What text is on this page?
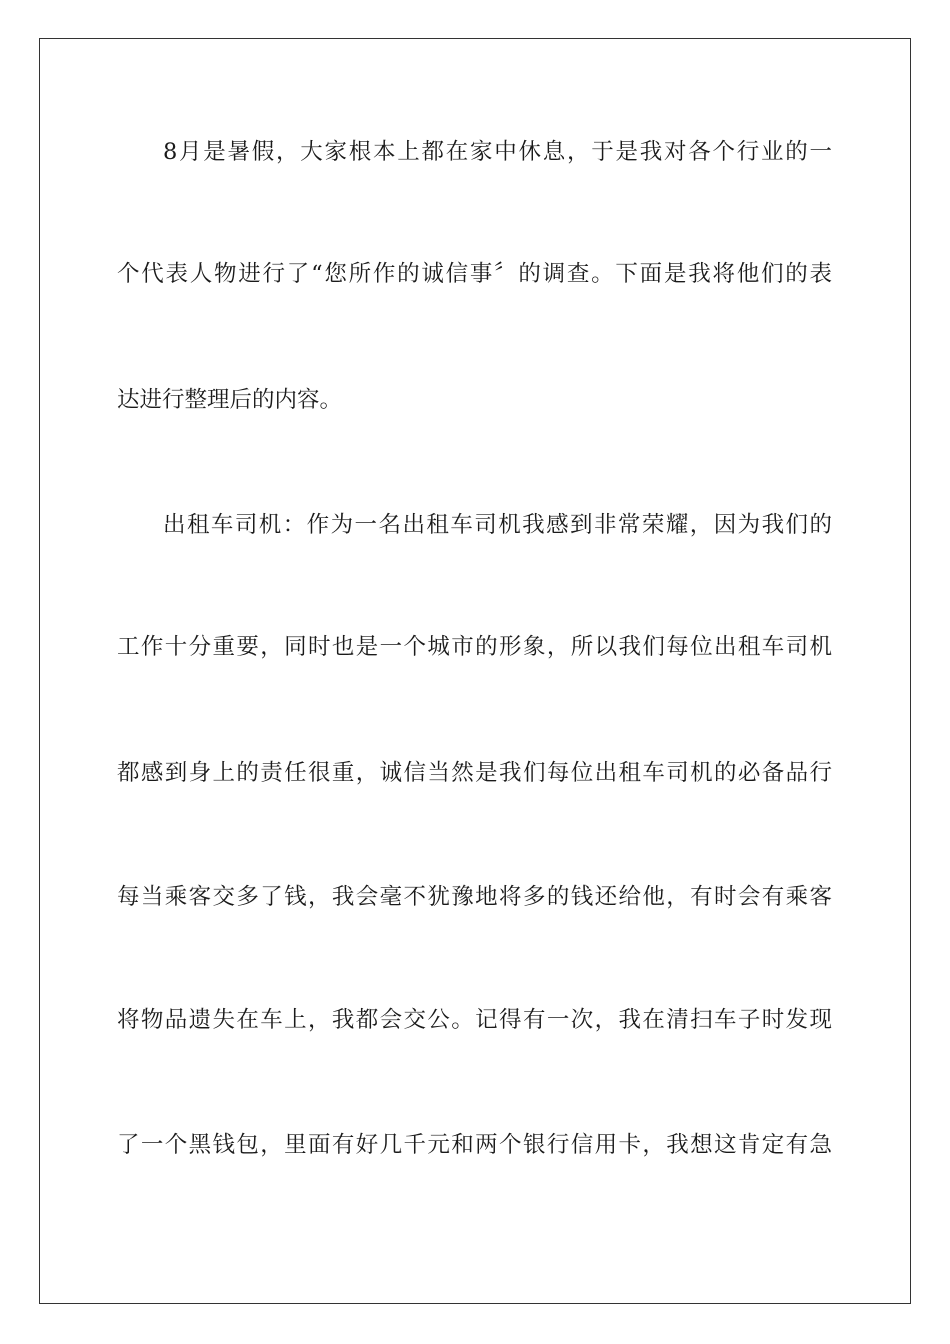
8月是暑假，大家根本上都在家中休息，于是我对各个行业的一
个代表人物进行了“您所作的诚信事〞的调查。下面是我将他们的表
达进行整理后的内容。
出租车司机：作为一名出租车司机我感到非常荣耀，因为我们的
工作十分重要，同时也是一个城市的形象，所以我们每位出租车司机
都感到身上的责任很重，诚信当然是我们每位出租车司机的必备品行
每当乘客交多了钱，我会毫不犹豫地将多的钱还给他，有时会有乘客
将物品遗失在车上，我都会交公。记得有一次，我在清扫车子时发现
了一个黑钱包，里面有好几千元和两个银行信用卡，我想这肯定有急
